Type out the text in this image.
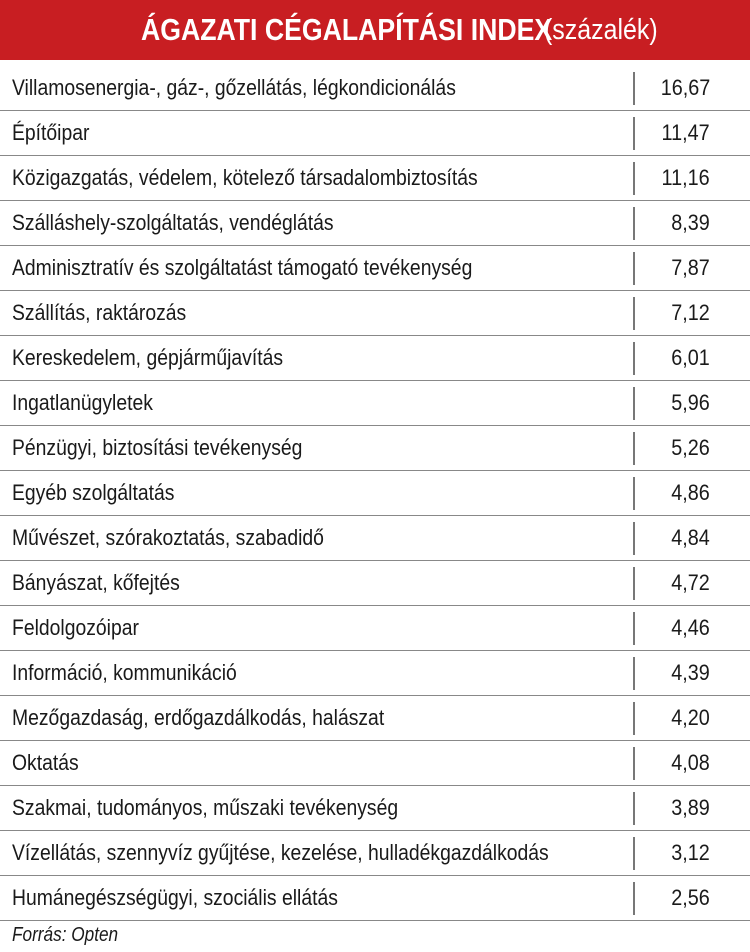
ÁGAZATI CÉGALAPÍTÁSI INDEX
(százalék)
Villamosenergia-, gáz-, gőzellátás, légkondicionálás	16,67
Építőipar	11,47
Közigazgatás, védelem, kötelező társadalombiztosítás	11,16
Szálláshely-szolgáltatás, vendéglátás	8,39
Adminisztratív és szolgáltatást támogató tevékenység	7,87
Szállítás, raktározás	7,12
Kereskedelem, gépjárműjavítás	6,01
Ingatlanügyletek	5,96
Pénzügyi, biztosítási tevékenység	5,26
Egyéb szolgáltatás	4,86
Művészet, szórakoztatás, szabadidő	4,84
Bányászat, kőfejtés	4,72
Feldolgozóipar	4,46
Információ, kommunikáció	4,39
Mezőgazdaság, erdőgazdálkodás, halászat	4,20
Oktatás	4,08
Szakmai, tudományos, műszaki tevékenység	3,89
Vízellátás, szennyvíz gyűjtése, kezelése, hulladékgazdálkodás	3,12
Humánegészségügyi, szociális ellátás	2,56
Forrás: Opten
